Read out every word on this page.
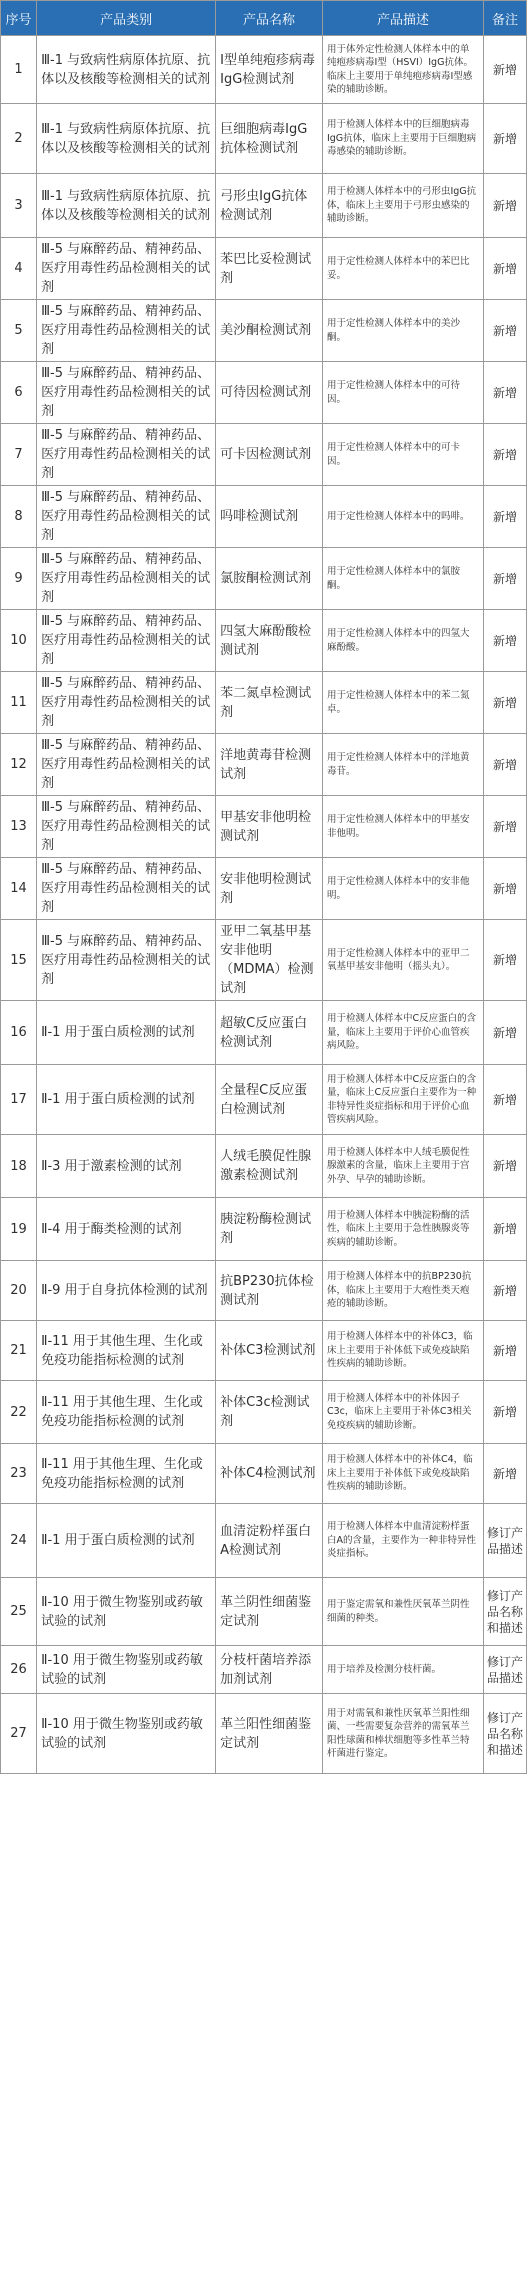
序号	产品类别	产品名称	产品描述	备注
1	Ⅲ-1 与致病性病原体抗原、抗体以及核酸等检测相关的试剂	Ⅰ型单纯疱疹病毒IgG检测试剂	用于体外定性检测人体样本中的单纯疱疹病毒Ⅰ型（HSVⅠ）IgG抗体。临床上主要用于单纯疱疹病毒Ⅰ型感染的辅助诊断。	新增
2	Ⅲ-1 与致病性病原体抗原、抗体以及核酸等检测相关的试剂	巨细胞病毒IgG抗体检测试剂	用于检测人体样本中的巨细胞病毒IgG抗体，临床上主要用于巨细胞病毒感染的辅助诊断。	新增
3	Ⅲ-1 与致病性病原体抗原、抗体以及核酸等检测相关的试剂	弓形虫IgG抗体检测试剂	用于检测人体样本中的弓形虫IgG抗体，临床上主要用于弓形虫感染的辅助诊断。	新增
4	Ⅲ-5 与麻醉药品、精神药品、医疗用毒性药品检测相关的试剂	苯巴比妥检测试剂	用于定性检测人体样本中的苯巴比妥。	新增
5	Ⅲ-5 与麻醉药品、精神药品、医疗用毒性药品检测相关的试剂	美沙酮检测试剂	用于定性检测人体样本中的美沙酮。	新增
6	Ⅲ-5 与麻醉药品、精神药品、医疗用毒性药品检测相关的试剂	可待因检测试剂	用于定性检测人体样本中的可待因。	新增
7	Ⅲ-5 与麻醉药品、精神药品、医疗用毒性药品检测相关的试剂	可卡因检测试剂	用于定性检测人体样本中的可卡因。	新增
8	Ⅲ-5 与麻醉药品、精神药品、医疗用毒性药品检测相关的试剂	吗啡检测试剂	用于定性检测人体样本中的吗啡。	新增
9	Ⅲ-5 与麻醉药品、精神药品、医疗用毒性药品检测相关的试剂	氯胺酮检测试剂	用于定性检测人体样本中的氯胺酮。	新增
10	Ⅲ-5 与麻醉药品、精神药品、医疗用毒性药品检测相关的试剂	四氢大麻酚酸检测试剂	用于定性检测人体样本中的四氢大麻酚酸。	新增
11	Ⅲ-5 与麻醉药品、精神药品、医疗用毒性药品检测相关的试剂	苯二氮卓检测试剂	用于定性检测人体样本中的苯二氮卓。	新增
12	Ⅲ-5 与麻醉药品、精神药品、医疗用毒性药品检测相关的试剂	洋地黄毒苷检测试剂	用于定性检测人体样本中的洋地黄毒苷。	新增
13	Ⅲ-5 与麻醉药品、精神药品、医疗用毒性药品检测相关的试剂	甲基安非他明检测试剂	用于定性检测人体样本中的甲基安非他明。	新增
14	Ⅲ-5 与麻醉药品、精神药品、医疗用毒性药品检测相关的试剂	安非他明检测试剂	用于定性检测人体样本中的安非他明。	新增
15	Ⅲ-5 与麻醉药品、精神药品、医疗用毒性药品检测相关的试剂	亚甲二氧基甲基安非他明（MDMA）检测试剂	用于定性检测人体样本中的亚甲二氧基甲基安非他明（摇头丸）。	新增
16	Ⅱ-1 用于蛋白质检测的试剂	超敏C反应蛋白检测试剂	用于检测人体样本中C反应蛋白的含量，临床上主要用于评价心血管疾病风险。	新增
17	Ⅱ-1 用于蛋白质检测的试剂	全量程C反应蛋白检测试剂	用于检测人体样本中C反应蛋白的含量，临床上C反应蛋白主要作为一种非特异性炎症指标和用于评价心血管疾病风险。	新增
18	Ⅱ-3 用于激素检测的试剂	人绒毛膜促性腺激素检测试剂	用于检测人体样本中人绒毛膜促性腺激素的含量，临床上主要用于宫外孕、早孕的辅助诊断。	新增
19	Ⅱ-4 用于酶类检测的试剂	胰淀粉酶检测试剂	用于检测人体样本中胰淀粉酶的活性，临床上主要用于急性胰腺炎等疾病的辅助诊断。	新增
20	Ⅱ-9 用于自身抗体检测的试剂	抗BP230抗体检测试剂	用于检测人体样本中的抗BP230抗体，临床上主要用于大疱性类天疱疮的辅助诊断。	新增
21	Ⅱ-11 用于其他生理、生化或免疫功能指标检测的试剂	补体C3检测试剂	用于检测人体样本中的补体C3，临床上主要用于补体低下或免疫缺陷性疾病的辅助诊断。	新增
22	Ⅱ-11 用于其他生理、生化或免疫功能指标检测的试剂	补体C3c检测试剂	用于检测人体样本中的补体因子C3c，临床上主要用于补体C3相关免疫疾病的辅助诊断。	新增
23	Ⅱ-11 用于其他生理、生化或免疫功能指标检测的试剂	补体C4检测试剂	用于检测人体样本中的补体C4，临床上主要用于补体低下或免疫缺陷性疾病的辅助诊断。	新增
24	Ⅱ-1 用于蛋白质检测的试剂	血清淀粉样蛋白A检测试剂	用于检测人体样本中血清淀粉样蛋白A的含量，主要作为一种非特异性炎症指标。	修订产品描述
25	Ⅱ-10 用于微生物鉴别或药敏试验的试剂	革兰阴性细菌鉴定试剂	用于鉴定需氧和兼性厌氧革兰阴性细菌的种类。	修订产品名称和描述
26	Ⅱ-10 用于微生物鉴别或药敏试验的试剂	分枝杆菌培养添加剂试剂	用于培养及检测分枝杆菌。	修订产品描述
27	Ⅱ-10 用于微生物鉴别或药敏试验的试剂	革兰阳性细菌鉴定试剂	用于对需氧和兼性厌氧革兰阳性细菌、一些需要复杂营养的需氧革兰阳性球菌和棒状细胞等多性革兰特杆菌进行鉴定。	修订产品名称和描述
